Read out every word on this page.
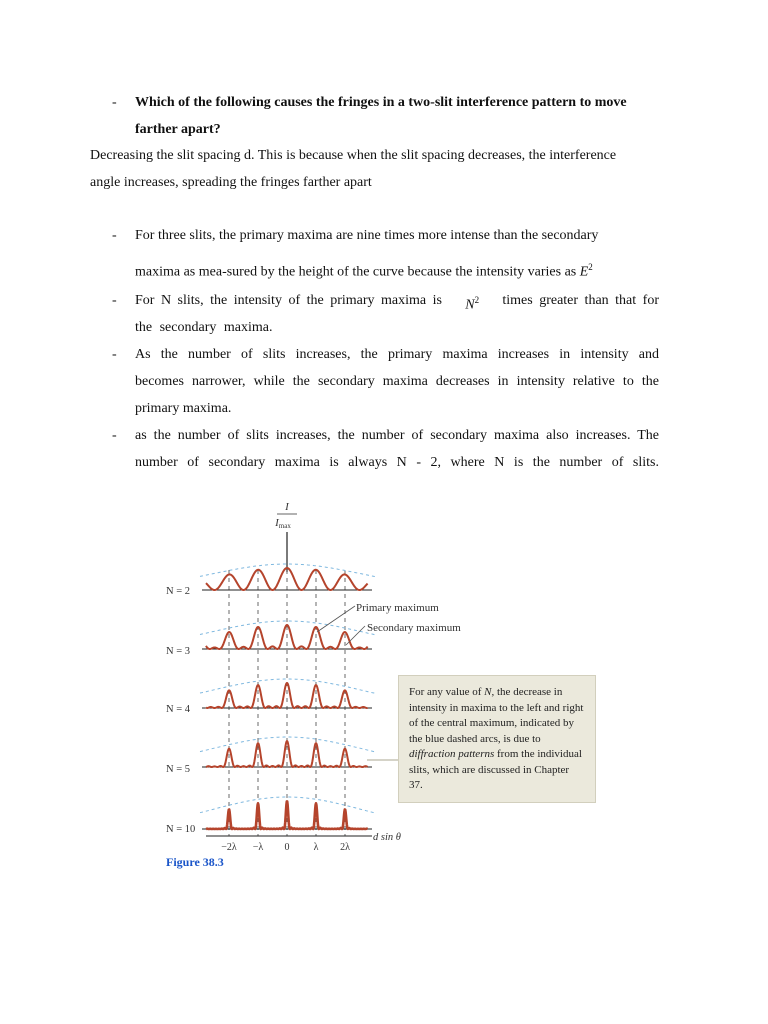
- Which of the following causes the fringes in a two-slit interference pattern to move
farther apart?
Decreasing the slit spacing d. This is because when the slit spacing decreases, the interference
angle increases, spreading the fringes farther apart
- For three slits, the primary maxima are nine times more intense than the secondary
maxima as mea-sured by the height of the curve because the intensity varies as $E^2$
- For N slits, the intensity of the primary maxima is $N^2$ times greater than that for
the secondary maxima.
- As the number of slits increases, the primary maxima increases in intensity and
becomes narrower, while the secondary maxima decreases in intensity relative to the
primary maxima.
- as the number of slits increases, the number of secondary maxima also increases. The
number of secondary maxima is always N - 2, where N is the number of slits.
I
Imax
N = 2
N = 3
N = 4
N = 5
N = 10
Primary maximum
Secondary maximum
−2λ −λ 0 λ 2λ
d sin θ
For any value of N, the decrease in intensity in maxima to the left and right of the central maximum, indicated by the blue dashed arcs, is due to diffraction patterns from the individual slits, which are discussed in Chapter 37.
Figure 38.3
